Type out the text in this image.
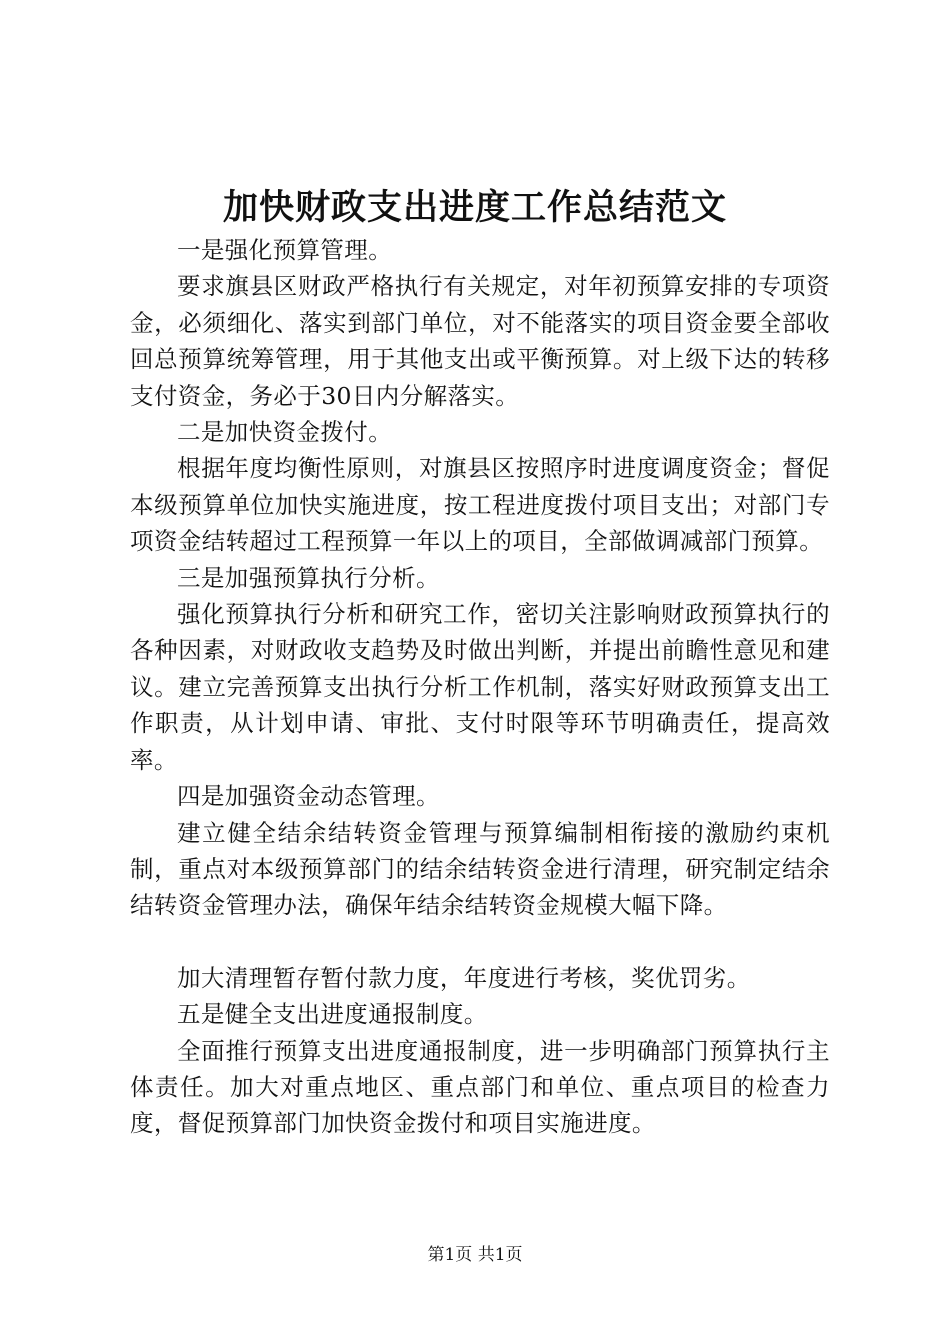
加快财政支出进度工作总结范文

一是强化预算管理。

要求旗县区财政严格执行有关规定，对年初预算安排的专项资金，必须细化、落实到部门单位，对不能落实的项目资金要全部收回总预算统筹管理，用于其他支出或平衡预算。对上级下达的转移支付资金，务必于30日内分解落实。

二是加快资金拨付。

根据年度均衡性原则，对旗县区按照序时进度调度资金；督促本级预算单位加快实施进度，按工程进度拨付项目支出；对部门专项资金结转超过工程预算一年以上的项目，全部做调减部门预算。

三是加强预算执行分析。

强化预算执行分析和研究工作，密切关注影响财政预算执行的各种因素，对财政收支趋势及时做出判断，并提出前瞻性意见和建议。建立完善预算支出执行分析工作机制，落实好财政预算支出工作职责，从计划申请、审批、支付时限等环节明确责任，提高效率。

四是加强资金动态管理。

建立健全结余结转资金管理与预算编制相衔接的激励约束机制，重点对本级预算部门的结余结转资金进行清理，研究制定结余结转资金管理办法，确保年结余结转资金规模大幅下降。

加大清理暂存暂付款力度，年度进行考核，奖优罚劣。

五是健全支出进度通报制度。

全面推行预算支出进度通报制度，进一步明确部门预算执行主体责任。加大对重点地区、重点部门和单位、重点项目的检查力度，督促预算部门加快资金拨付和项目实施进度。

第1页 共1页
